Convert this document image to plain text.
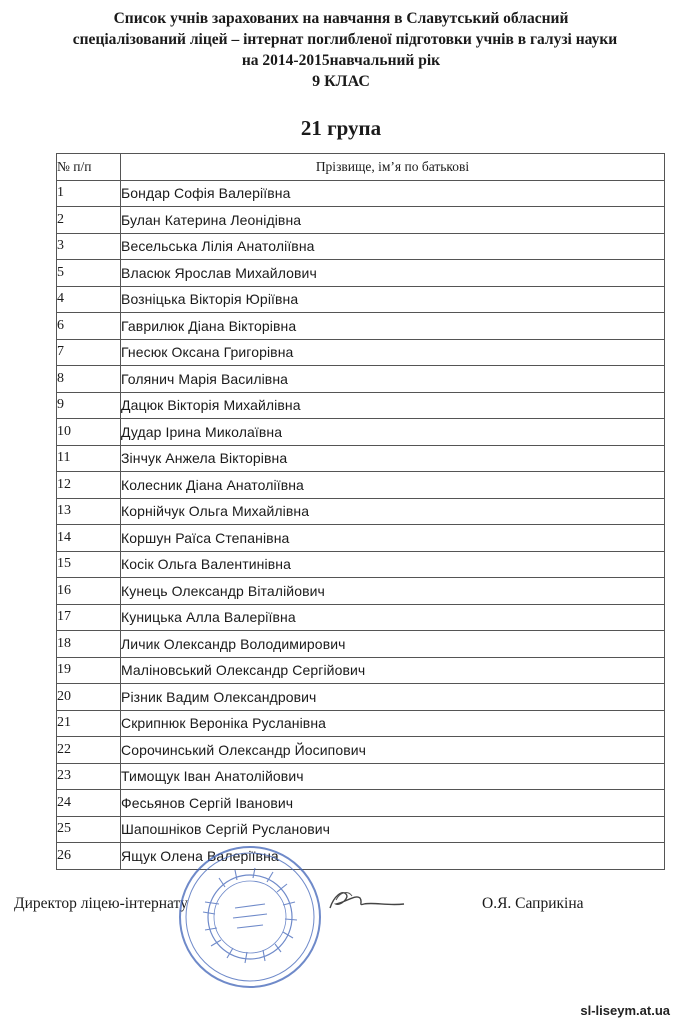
Список учнів зарахованих на навчання в Славутський обласний
спеціалізований ліцей – інтернат поглибленої підготовки учнів в галузі науки
на 2014-2015навчальний рік
9 КЛАС
21 група
№ п/п	Прізвище, ім’я по батькові
1	Бондар Софія Валеріївна
2	Булан Катерина Леонідівна
3	Весельська Лілія Анатоліївна
5	Власюк Ярослав Михайлович
4	Возніцька Вікторія Юріївна
6	Гаврилюк Діана Вікторівна
7	Гнесюк Оксана Григорівна
8	Голянич Марія Василівна
9	Дацюк Вікторія Михайлівна
10	Дудар Ірина Миколаївна
11	Зінчук Анжела Вікторівна
12	Колесник Діана Анатоліївна
13	Корнійчук Ольга Михайлівна
14	Коршун Раїса Степанівна
15	Косік Ольга Валентинівна
16	Кунець Олександр Віталійович
17	Куницька Алла Валеріївна
18	Личик Олександр Володимирович
19	Маліновський Олександр Сергійович
20	Різник Вадим Олександрович
21	Скрипнюк Вероніка Русланівна
22	Сорочинський Олександр Йосипович
23	Тимощук Іван Анатолійович
24	Фесьянов Сергій Іванович
25	Шапошніков Сергій Русланович
26	Ящук Олена Валеріївна
Директор ліцею-інтернату	О.Я. Саприкіна
sl-liseym.at.ua
